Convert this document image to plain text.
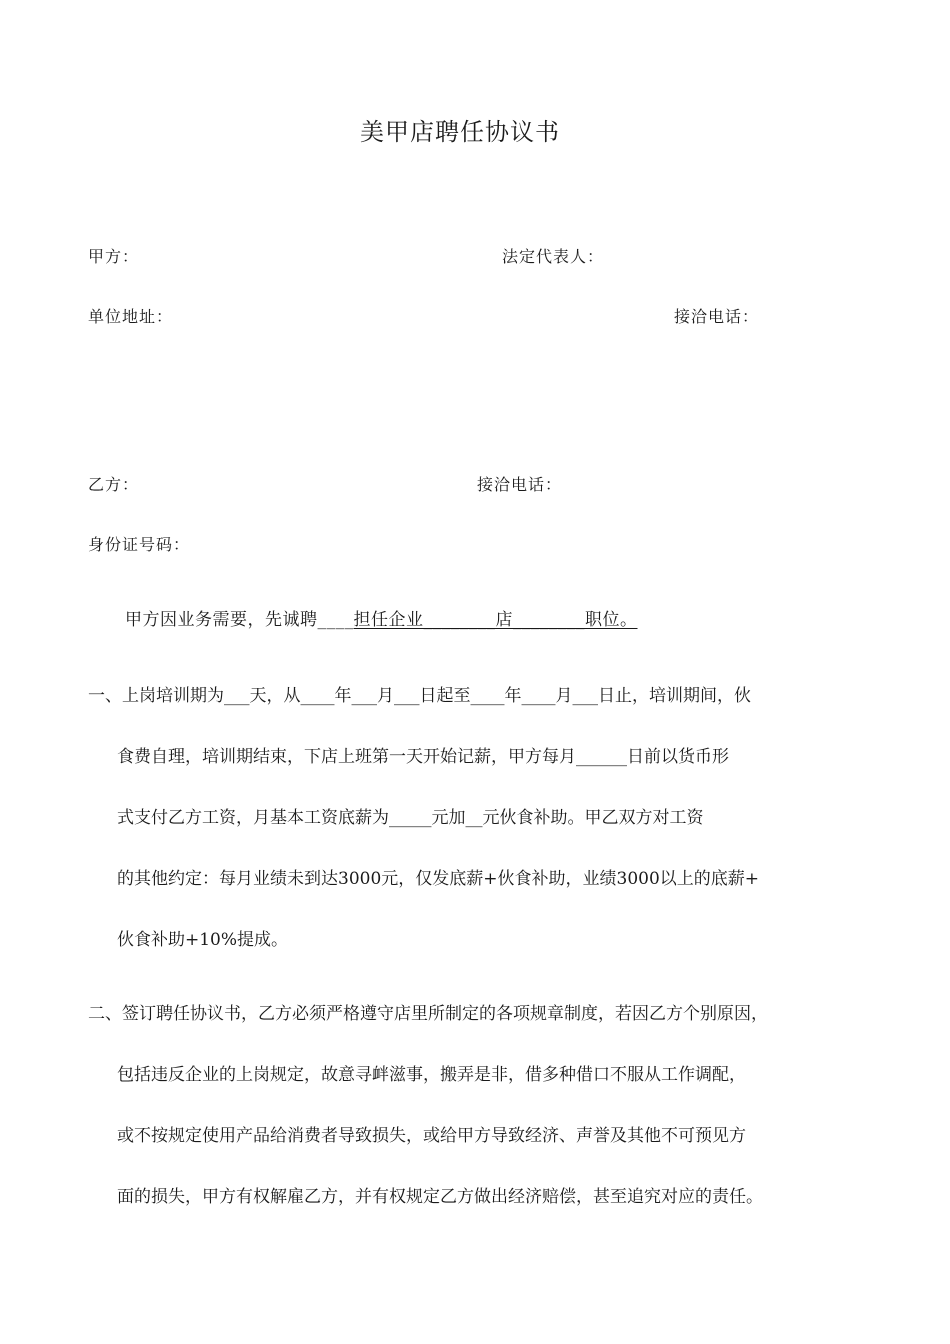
美甲店聘任协议书
甲方：	法定代表人：
单位地址：	接洽电话：
乙方：	接洽电话：
身份证号码：
甲方因业务需要，先诚聘____担任企业________店________职位。
一、上岗培训期为___天，从____年___月___日起至____年____月___日止，培训期间，伙
食费自理，培训期结束，下店上班第一天开始记薪，甲方每月______日前以货币形
式支付乙方工资，月基本工资底薪为_____元加__元伙食补助。甲乙双方对工资
的其他约定：每月业绩未到达3000元，仅发底薪+伙食补助，业绩3000以上的底薪+
伙食补助+10%提成。
二、签订聘任协议书，乙方必须严格遵守店里所制定的各项规章制度，若因乙方个别原因，
包括违反企业的上岗规定，故意寻衅滋事，搬弄是非，借多种借口不服从工作调配，
或不按规定使用产品给消费者导致损失，或给甲方导致经济、声誉及其他不可预见方
面的损失，甲方有权解雇乙方，并有权规定乙方做出经济赔偿，甚至追究对应的责任。
